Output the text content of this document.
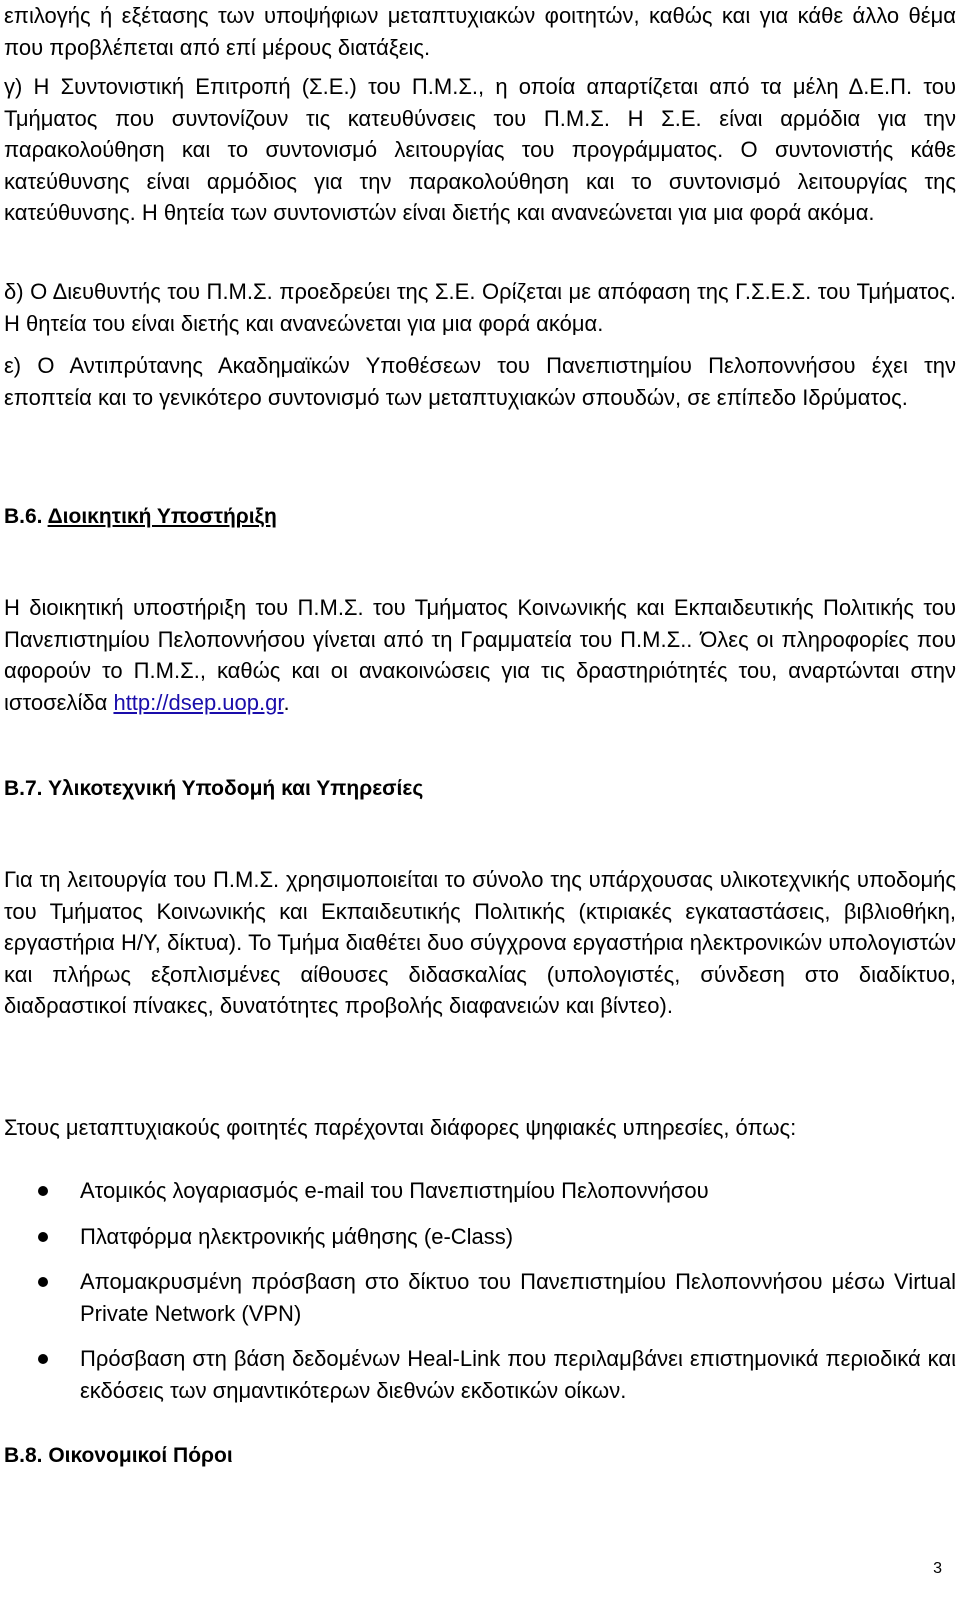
επιλογής ή εξέτασης των υποψήφιων μεταπτυχιακών φοιτητών, καθώς και για κάθε άλλο θέμα που προβλέπεται από επί μέρους διατάξεις.

γ) Η Συντονιστική Επιτροπή (Σ.Ε.) του Π.Μ.Σ., η οποία απαρτίζεται από τα μέλη Δ.Ε.Π. του Τμήματος που συντονίζουν τις κατευθύνσεις του Π.Μ.Σ. Η Σ.Ε. είναι αρμόδια για την παρακολούθηση και το συντονισμό λειτουργίας του προγράμματος. Ο συντονιστής κάθε κατεύθυνσης είναι αρμόδιος για την παρακολούθηση και το συντονισμό λειτουργίας της κατεύθυνσης. Η θητεία των συντονιστών είναι διετής και ανανεώνεται για μια φορά ακόμα.

δ) Ο Διευθυντής του Π.Μ.Σ. προεδρεύει της Σ.Ε. Ορίζεται με απόφαση της Γ.Σ.Ε.Σ. του Τμήματος. Η θητεία του είναι διετής και ανανεώνεται για μια φορά ακόμα.

ε) Ο Αντιπρύτανης Ακαδημαϊκών Υποθέσεων του Πανεπιστημίου Πελοποννήσου έχει την εποπτεία και το γενικότερο συντονισμό των μεταπτυχιακών σπουδών, σε επίπεδο Ιδρύματος.

Β.6. Διοικητική Υποστήριξη

Η διοικητική υποστήριξη του Π.Μ.Σ. του Τμήματος Κοινωνικής και Εκπαιδευτικής Πολιτικής του Πανεπιστημίου Πελοποννήσου γίνεται από τη Γραμματεία του Π.Μ.Σ.. Όλες οι πληροφορίες που αφορούν το Π.Μ.Σ., καθώς και οι ανακοινώσεις για τις δραστηριότητές του, αναρτώνται στην ιστοσελίδα http://dsep.uop.gr.

Β.7. Υλικοτεχνική Υποδομή και Υπηρεσίες

Για τη λειτουργία του Π.Μ.Σ. χρησιμοποιείται το σύνολο της υπάρχουσας υλικοτεχνικής υποδομής του Τμήματος Κοινωνικής και Εκπαιδευτικής Πολιτικής (κτιριακές εγκαταστάσεις, βιβλιοθήκη, εργαστήρια Η/Υ, δίκτυα). Το Τμήμα διαθέτει δυο σύγχρονα εργαστήρια ηλεκτρονικών υπολογιστών και πλήρως εξοπλισμένες αίθουσες διδασκαλίας (υπολογιστές, σύνδεση στο διαδίκτυο, διαδραστικοί πίνακες, δυνατότητες προβολής διαφανειών και βίντεο).

Στους μεταπτυχιακούς φοιτητές παρέχονται διάφορες ψηφιακές υπηρεσίες, όπως:

Ατομικός λογαριασμός e-mail του Πανεπιστημίου Πελοποννήσου
Πλατφόρμα ηλεκτρονικής μάθησης (e-Class)
Απομακρυσμένη πρόσβαση στο δίκτυο του Πανεπιστημίου Πελοποννήσου μέσω Virtual Private Network (VPN)
Πρόσβαση στη βάση δεδομένων Heal-Link που περιλαμβάνει επιστημονικά περιοδικά και εκδόσεις των σημαντικότερων διεθνών εκδοτικών οίκων.
Β.8. Οικονομικοί Πόροι
3
